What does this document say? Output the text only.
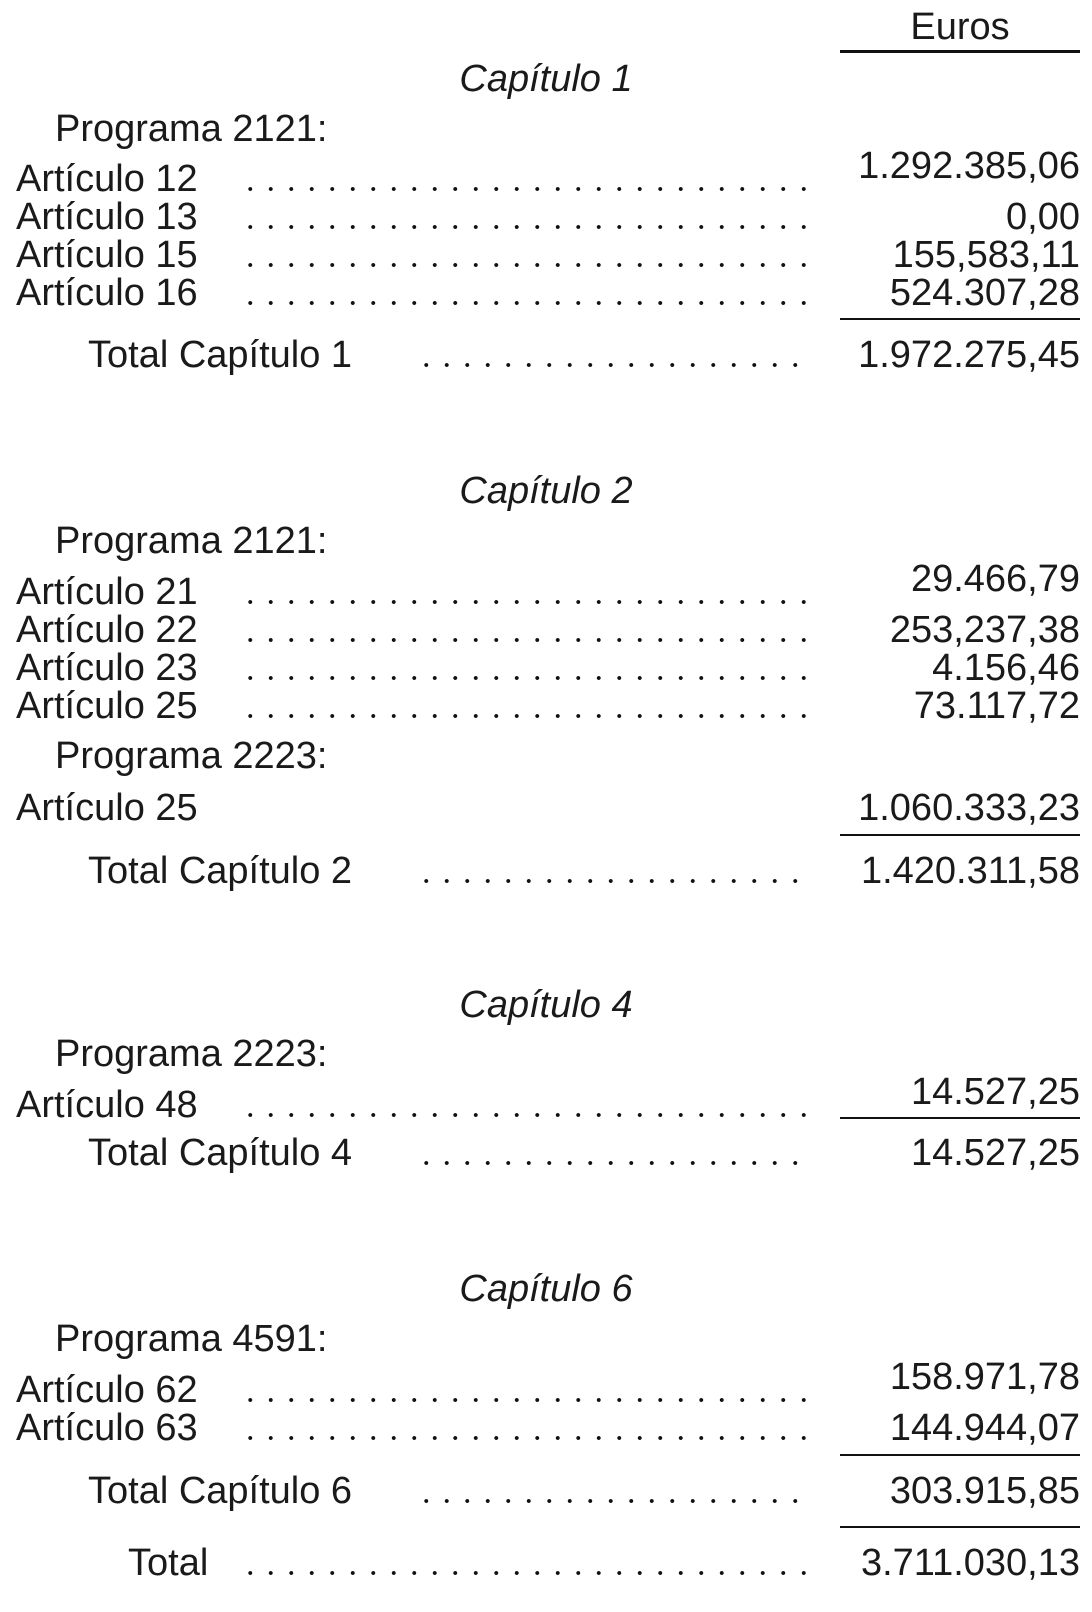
Euros
Capítulo 1
Programa 2121:
Artículo 12	1.292.385,06
Artículo 13	0,00
Artículo 15	155,583,11
Artículo 16	524.307,28
Total Capítulo 1	1.972.275,45
Capítulo 2
Programa 2121:
Artículo 21	29.466,79
Artículo 22	253,237,38
Artículo 23	4.156,46
Artículo 25	73.117,72
Programa 2223:
Artículo 25	1.060.333,23
Total Capítulo 2	1.420.311,58
Capítulo 4
Programa 2223:
Artículo 48	14.527,25
Total Capítulo 4	14.527,25
Capítulo 6
Programa 4591:
Artículo 62	158.971,78
Artículo 63	144.944,07
Total Capítulo 6	303.915,85
Total	3.711.030,13
